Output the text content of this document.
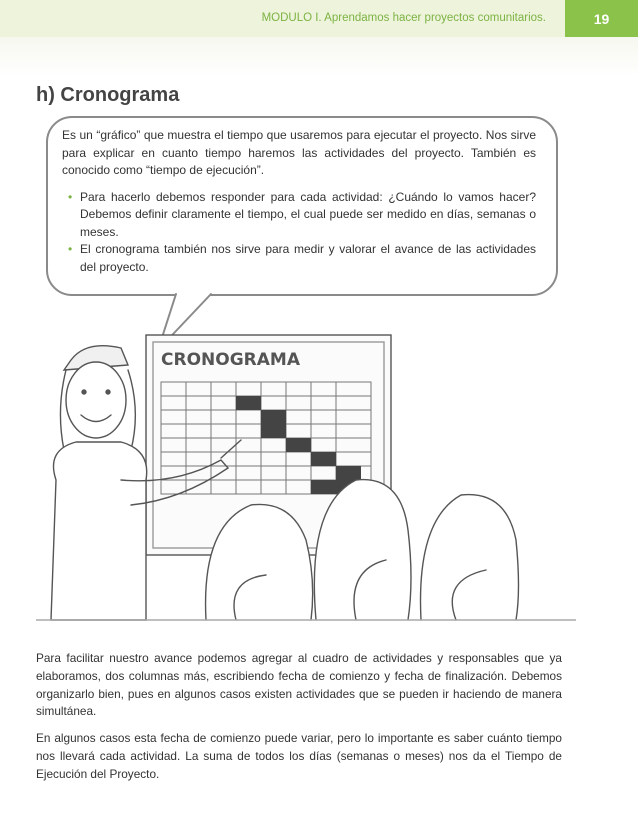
MODULO I. Aprendamos hacer proyectos comunitarios.	19
h) Cronograma

Es un “gráfico” que muestra el tiempo que usaremos para ejecutar el proyecto. Nos sirve para explicar en cuanto tiempo haremos las actividades del proyecto. También es conocido como “tiempo de ejecución”.

• Para hacerlo debemos responder para cada actividad: ¿Cuándo lo vamos hacer? Debemos definir claramente el tiempo, el cual puede ser medido en días, semanas o meses.
• El cronograma también nos sirve para medir y valorar el avance de las actividades del proyecto.
CRONOGRAMA

Para facilitar nuestro avance podemos agregar al cuadro de actividades y responsables que ya elaboramos, dos columnas más, escribiendo fecha de comienzo y fecha de finalización. Debemos organizarlo bien, pues en algunos casos existen actividades que se pueden ir haciendo de manera simultánea.

En algunos casos esta fecha de comienzo puede variar, pero lo importante es saber cuánto tiempo nos llevará cada actividad. La suma de todos los días (semanas o meses) nos da el Tiempo de Ejecución del Proyecto.
